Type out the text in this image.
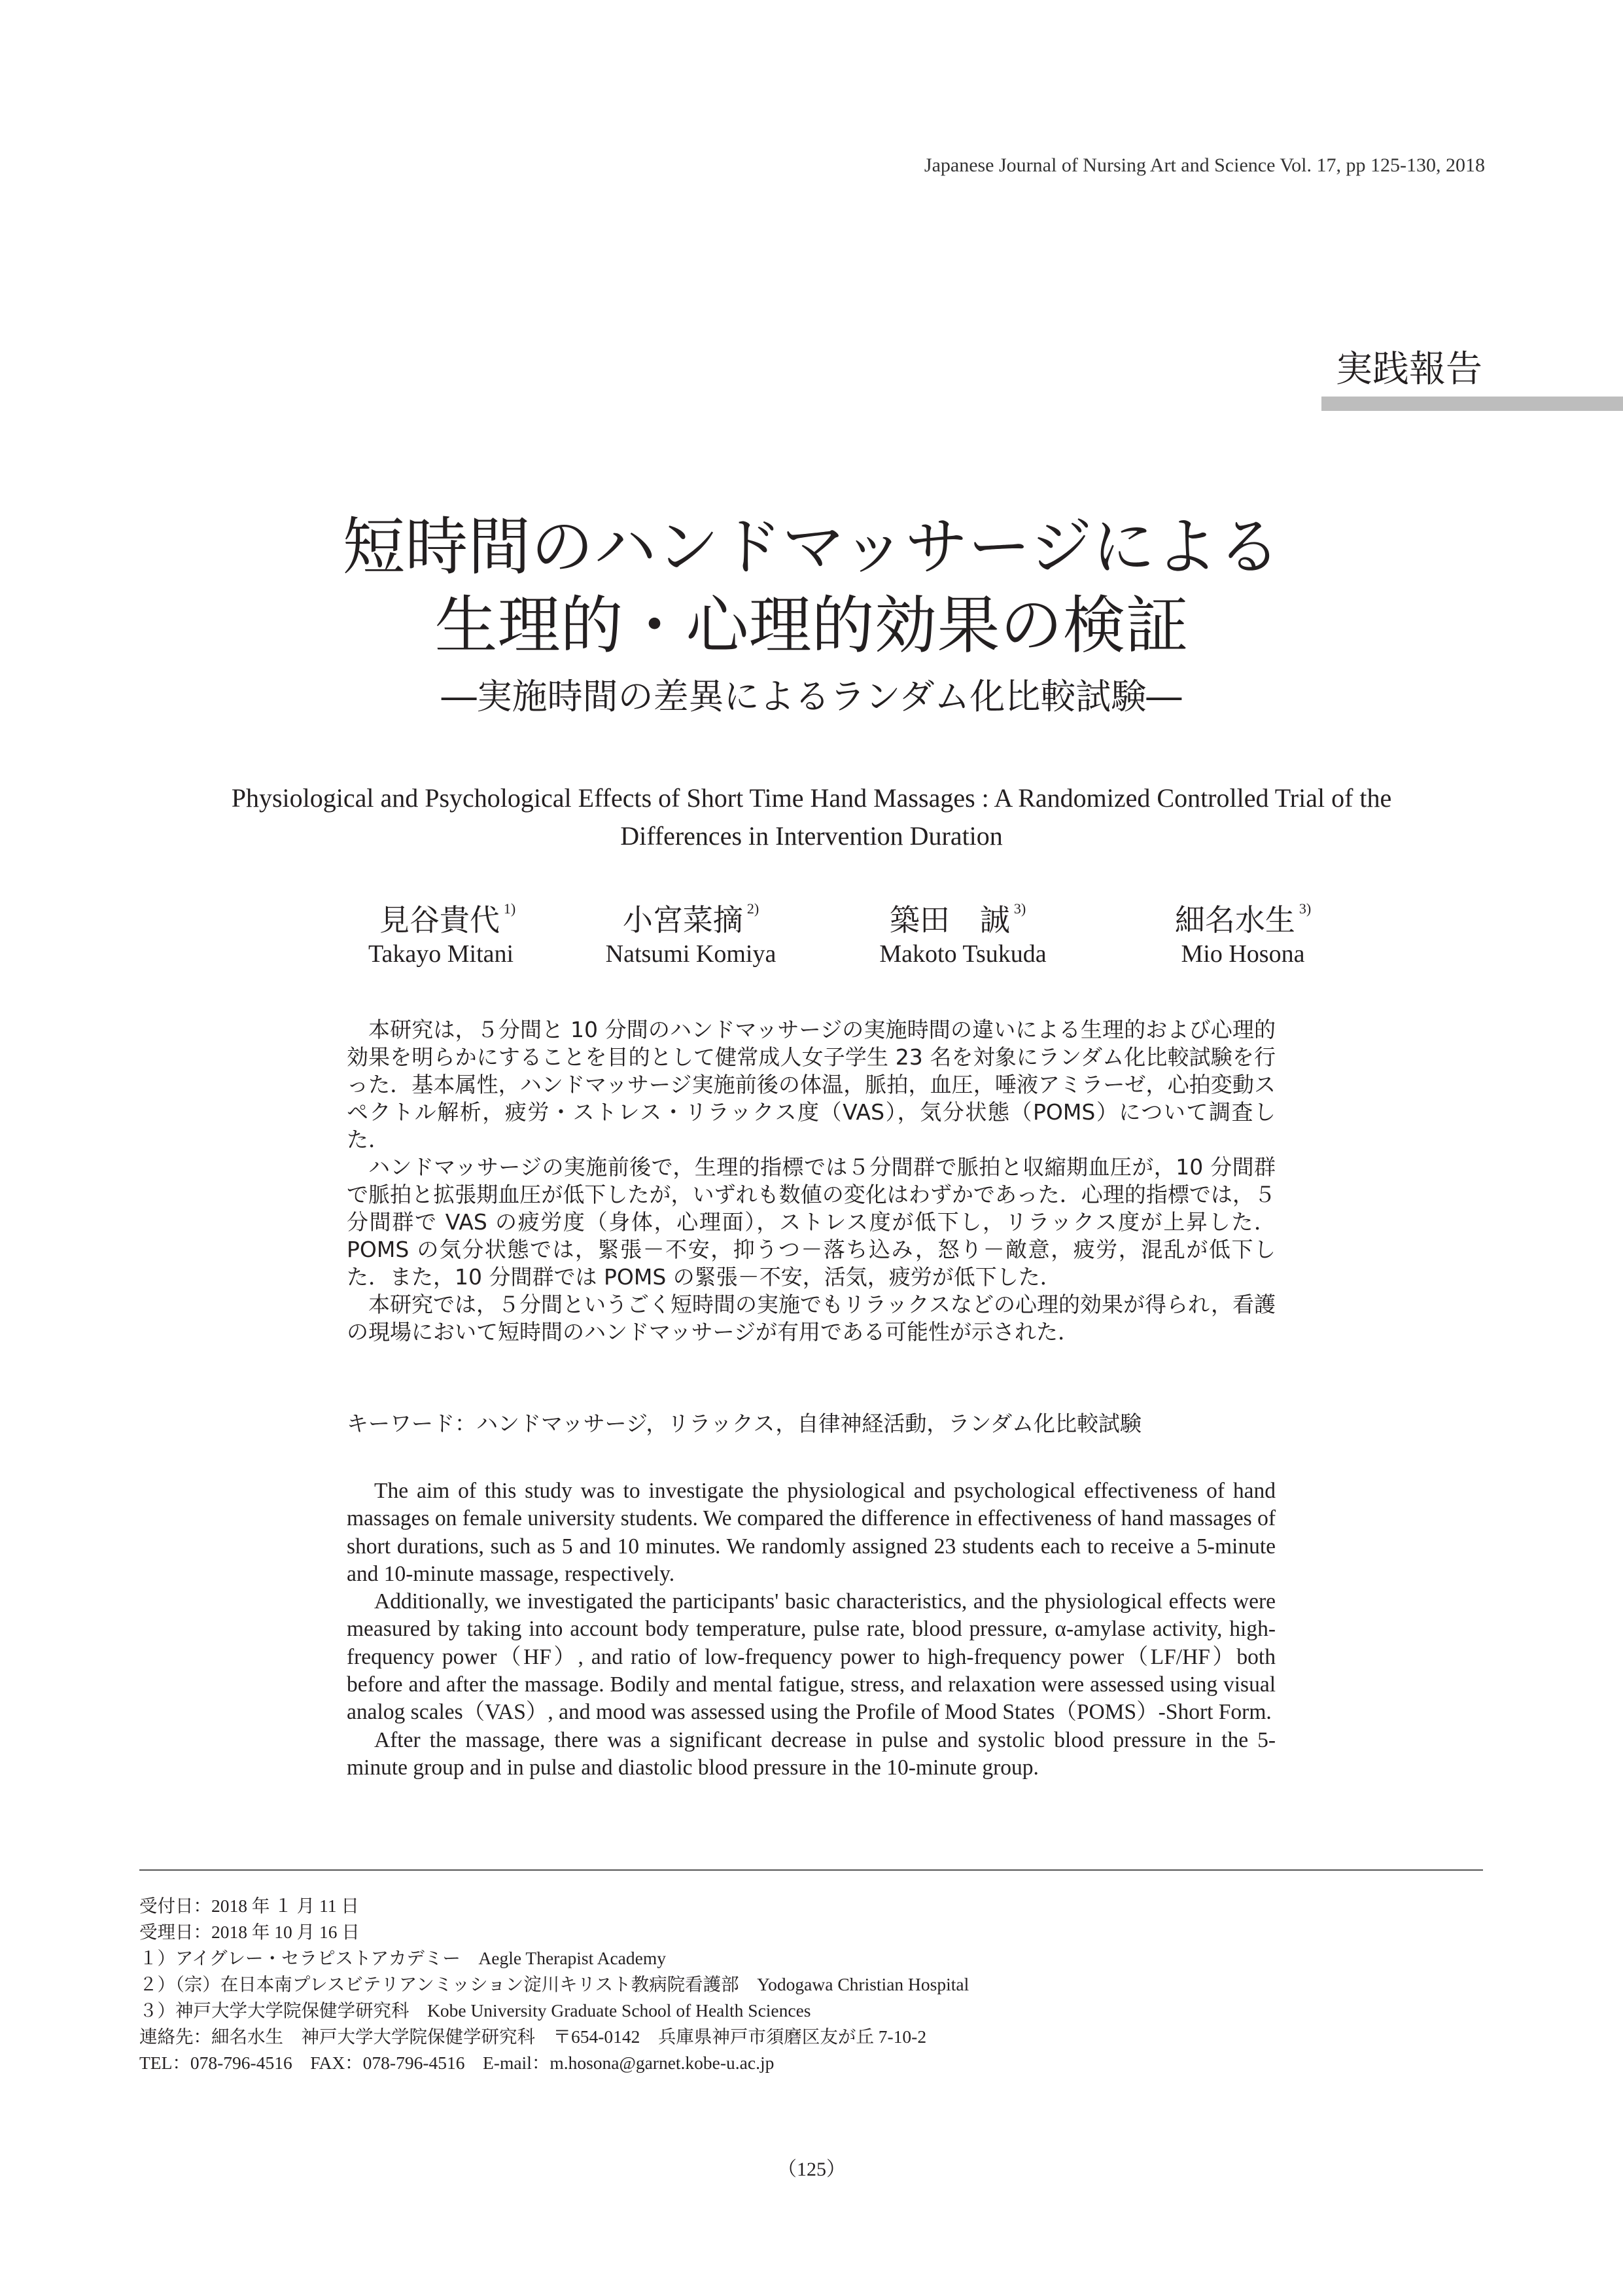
Japanese Journal of Nursing Art and Science Vol. 17, pp 125-130, 2018
実践報告
短時間のハンドマッサージによる
生理的・心理的効果の検証
―実施時間の差異によるランダム化比較試験―
Physiological and Psychological Effects of Short Time Hand Massages : A Randomized Controlled Trial of the
Differences in Intervention Duration
見谷貴代 $^{1)}$	小宮菜摘 $^{2)}$	築田　誠 $^{3)}$	細名水生 $^{3)}$
Takayo Mitani	Natsumi Komiya	Makoto Tsukuda	Mio Hosona

本研究は，５分間と 10 分間のハンドマッサージの実施時間の違いによる生理的および心理的効果を明らかにすることを目的として健常成人女子学生 23 名を対象にランダム化比較試験を行った．基本属性，ハンドマッサージ実施前後の体温，脈拍，血圧，唾液アミラーゼ，心拍変動スペクトル解析，疲労・ストレス・リラックス度（VAS），気分状態（POMS）について調査した．

ハンドマッサージの実施前後で，生理的指標では５分間群で脈拍と収縮期血圧が，10 分間群で脈拍と拡張期血圧が低下したが，いずれも数値の変化はわずかであった．心理的指標では，５分間群で VAS の疲労度（身体，心理面），ストレス度が低下し，リラックス度が上昇した．POMS の気分状態では，緊張－不安，抑うつ－落ち込み，怒り－敵意，疲労，混乱が低下した．また，10 分間群では POMS の緊張－不安，活気，疲労が低下した．

本研究では，５分間というごく短時間の実施でもリラックスなどの心理的効果が得られ，看護の現場において短時間のハンドマッサージが有用である可能性が示された．

キーワード：ハンドマッサージ，リラックス，自律神経活動，ランダム化比較試験

The aim of this study was to investigate the physiological and psychological effectiveness of hand massages on female university students. We compared the difference in effectiveness of hand massages of short durations, such as 5 and 10 minutes. We randomly assigned 23 students each to receive a 5-minute and 10-minute massage, respectively.

Additionally, we investigated the participants' basic characteristics, and the physiological effects were measured by taking into account body temperature, pulse rate, blood pressure, α-amylase activity, high-frequency power（HF）, and ratio of low-frequency power to high-frequency power（LF/HF）both before and after the massage. Bodily and mental fatigue, stress, and relaxation were assessed using visual analog scales（VAS）, and mood was assessed using the Profile of Mood States（POMS）-Short Form.

After the massage, there was a significant decrease in pulse and systolic blood pressure in the 5-minute group and in pulse and diastolic blood pressure in the 10-minute group.

受付日：2018 年 １ 月 11 日
受理日：2018 年 10 月 16 日
１）アイグレー・セラピストアカデミー　Aegle Therapist Academy
２）（宗）在日本南プレスビテリアンミッション淀川キリスト教病院看護部　Yodogawa Christian Hospital
３）神戸大学大学院保健学研究科　Kobe University Graduate School of Health Sciences
連絡先：細名水生　神戸大学大学院保健学研究科　〒654-0142　兵庫県神戸市須磨区友が丘 7-10-2
TEL：078-796-4516　FAX：078-796-4516　E-mail：m.hosona@garnet.kobe-u.ac.jp
（125）
